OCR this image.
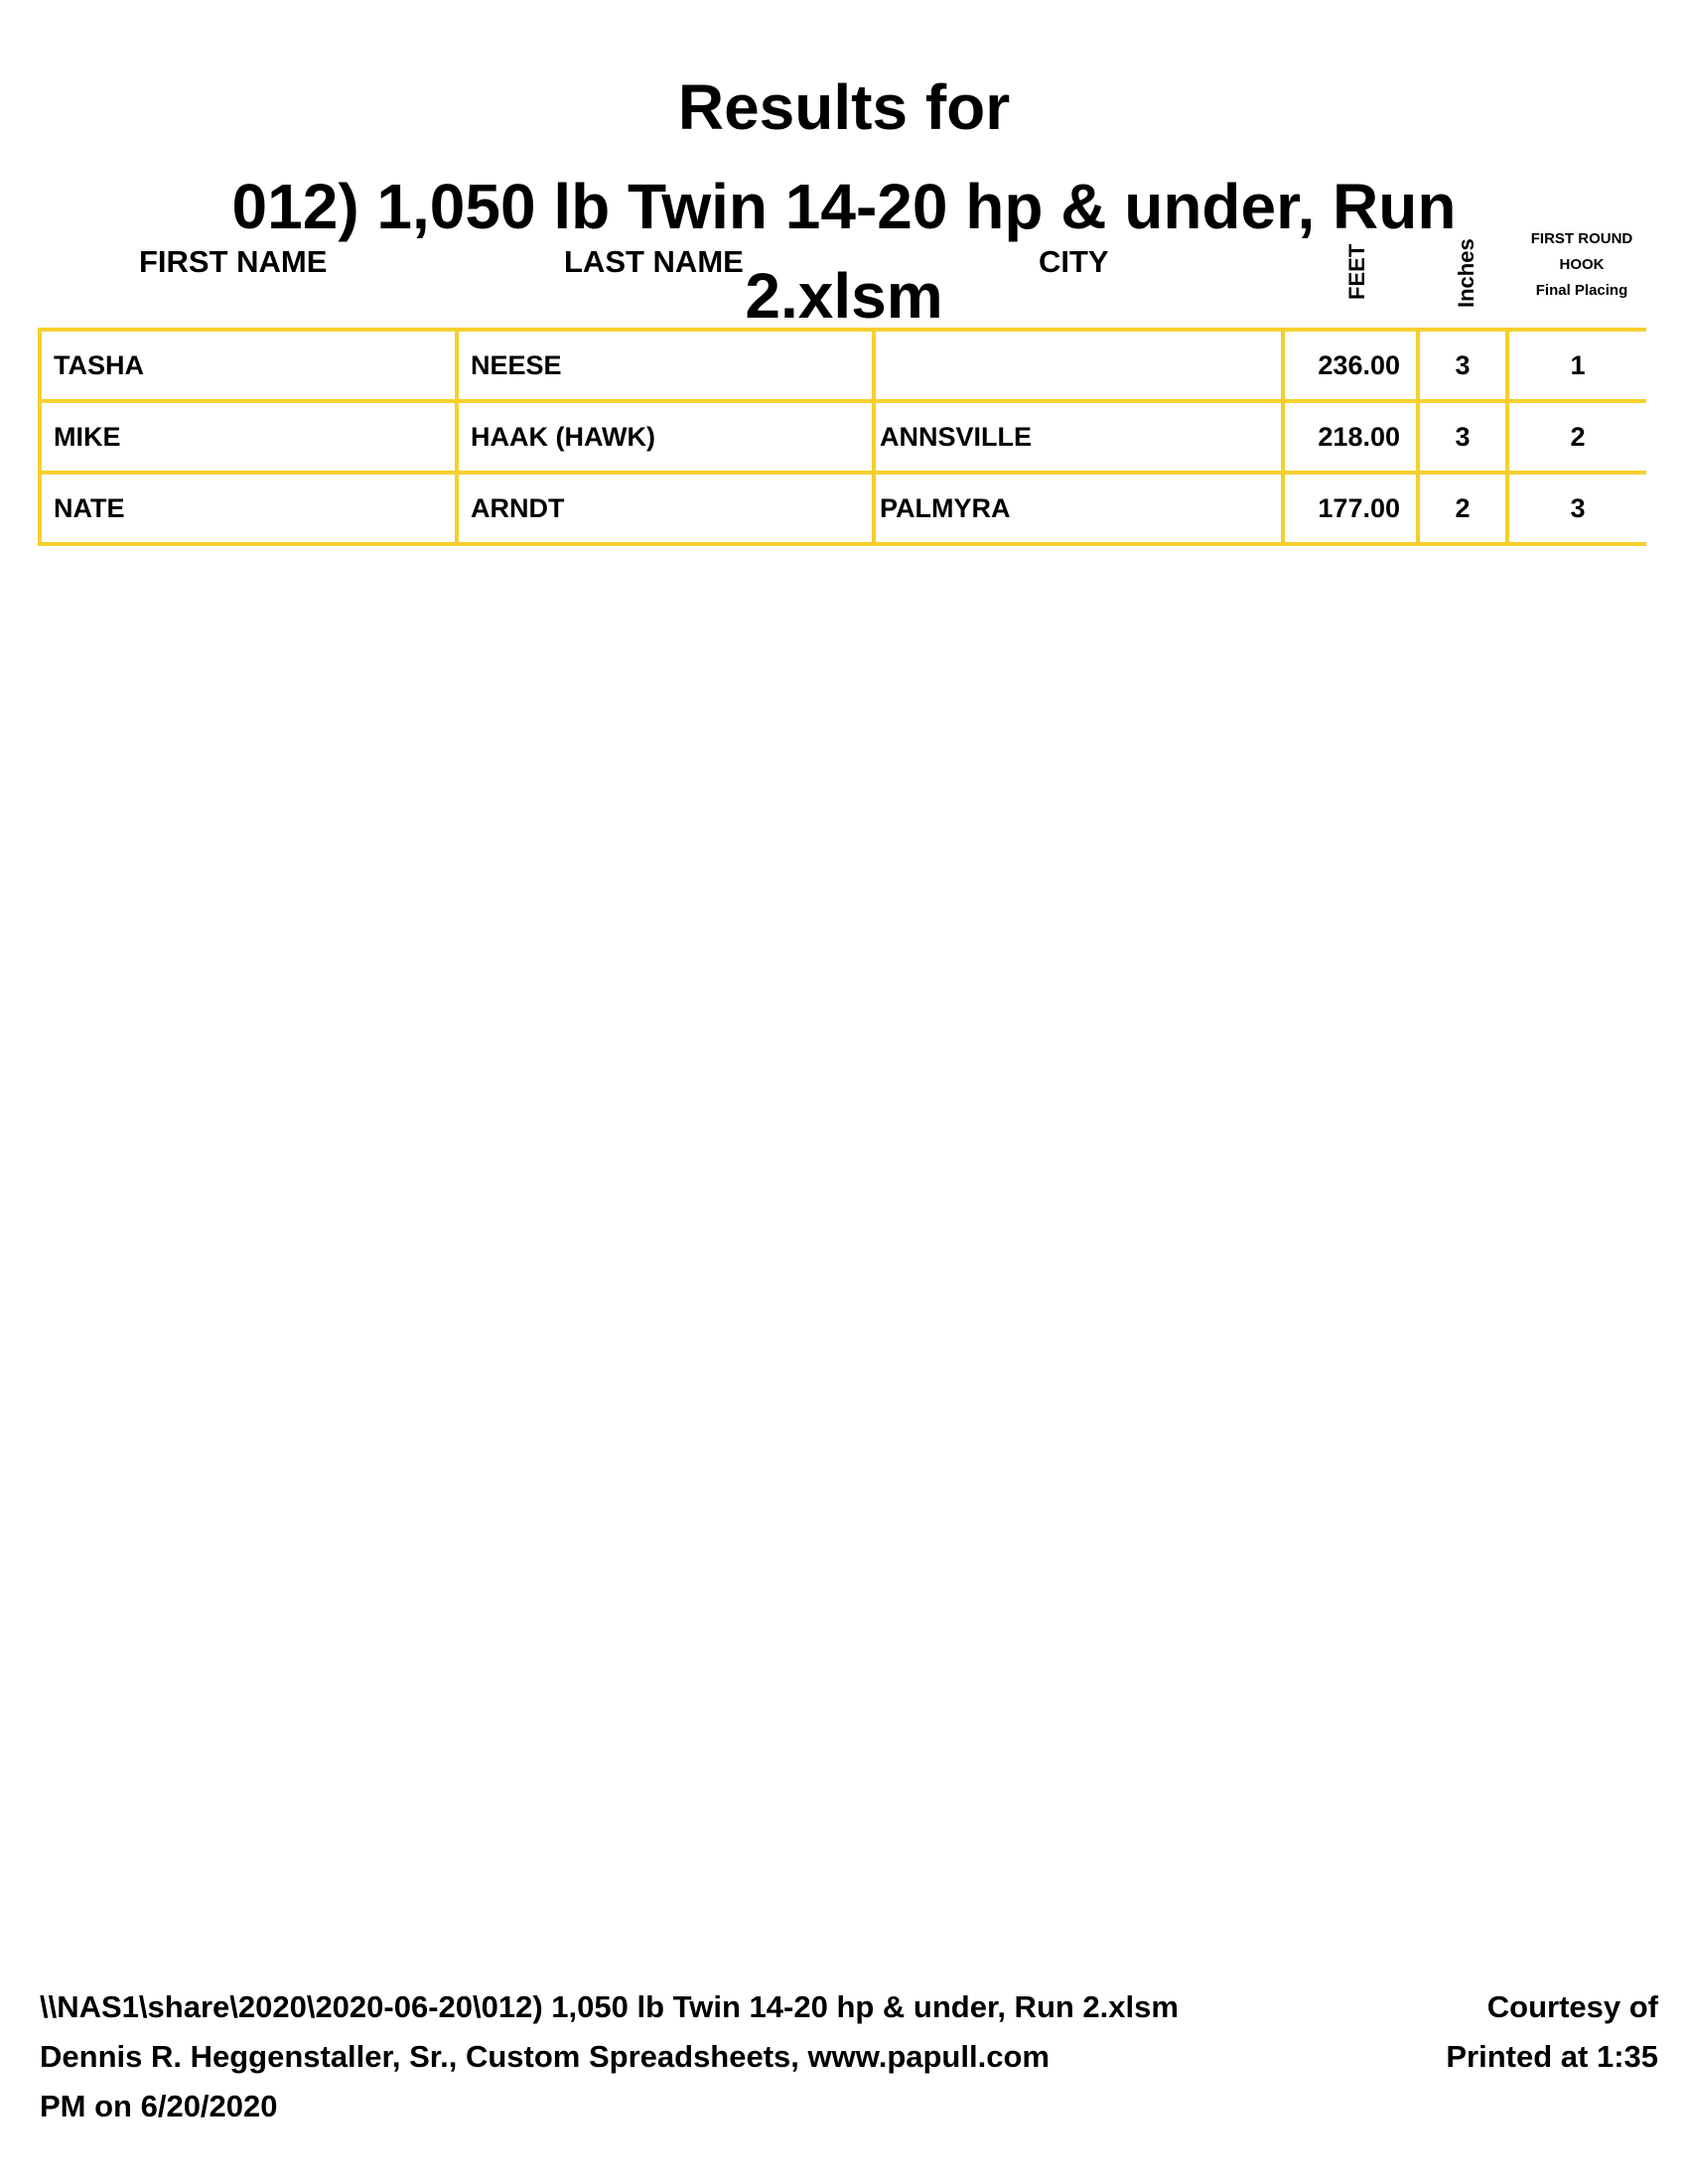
Results for
012) 1,050 lb Twin 14-20 hp & under, Run
FIRST NAME	LAST NAME	CITY	FEET	Inches	FIRST ROUND
HOOK
Final Placing
2.xlsm
TASHA	NEESE		236.00	3	1
MIKE	HAAK (HAWK)	ANNSVILLE	218.00	3	2
NATE	ARNDT	PALMYRA	177.00	2	3
\\NAS1\share\2020\2020-06-20\012) 1,050 lb Twin 14-20 hp & under, Run 2.xlsm	Courtesy of
Dennis R. Heggenstaller, Sr., Custom Spreadsheets, www.papull.com	Printed at 1:35
PM on 6/20/2020
